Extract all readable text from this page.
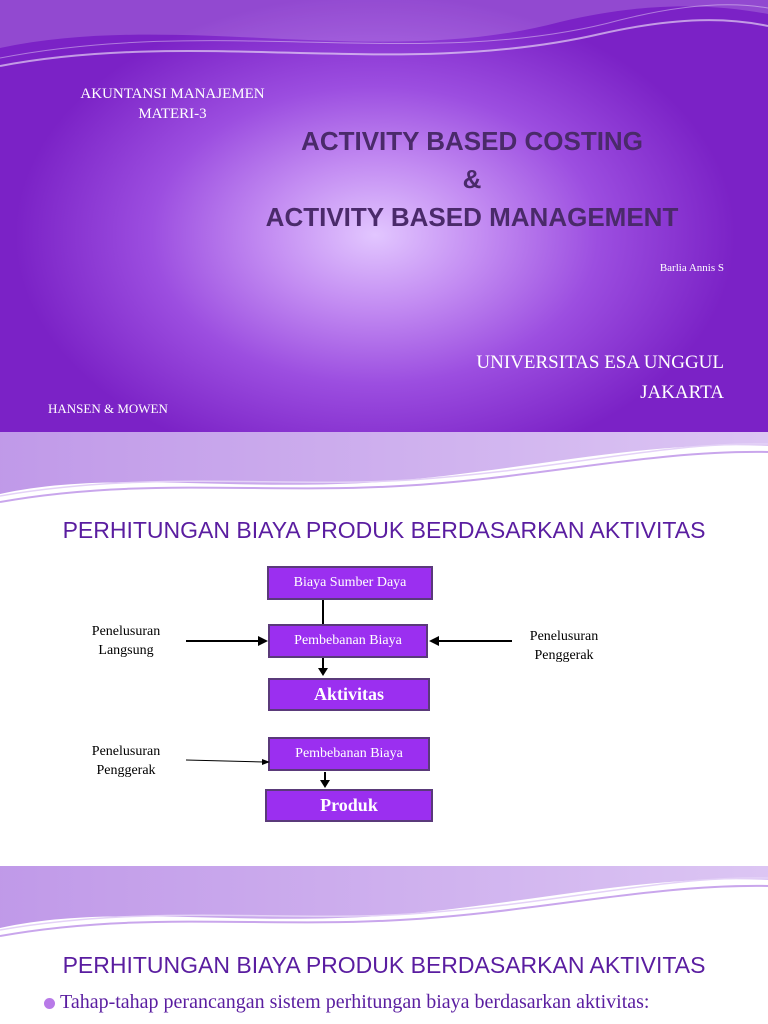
AKUNTANSI MANAJEMEN
MATERI-3
ACTIVITY BASED COSTING
&
ACTIVITY BASED MANAGEMENT
Barlia Annis S
UNIVERSITAS ESA UNGGUL
JAKARTA
HANSEN & MOWEN
PERHITUNGAN BIAYA PRODUK BERDASARKAN AKTIVITAS
Biaya Sumber Daya
Pembebanan Biaya
Aktivitas
Pembebanan Biaya
Produk
Penelusuran
Langsung
Penelusuran
Penggerak
Penelusuran
Penggerak
PERHITUNGAN BIAYA PRODUK BERDASARKAN AKTIVITAS
Tahap-tahap perancangan sistem perhitungan biaya berdasarkan aktivitas:
